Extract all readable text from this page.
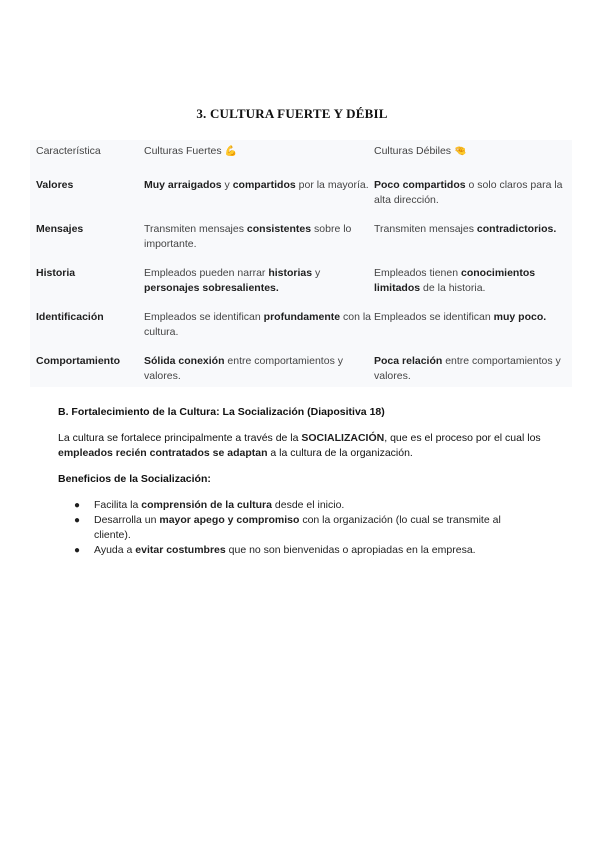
3. CULTURA FUERTE Y DÉBIL
Característica	Culturas Fuertes 💪	Culturas Débiles 🤏
Valores	Muy arraigados y compartidos por la mayoría.	Poco compartidos o solo claros para la alta dirección.
Mensajes	Transmiten mensajes consistentes sobre lo importante.	Transmiten mensajes contradictorios.
Historia	Empleados pueden narrar historias y personajes sobresalientes.	Empleados tienen conocimientos limitados de la historia.
Identificación	Empleados se identifican profundamente con la cultura.	Empleados se identifican muy poco.
Comportamiento	Sólida conexión entre comportamientos y valores.	Poca relación entre comportamientos y valores.
B. Fortalecimiento de la Cultura: La Socialización (Diapositiva 18)
La cultura se fortalece principalmente a través de la SOCIALIZACIÓN, que es el proceso por el cual los empleados recién contratados se adaptan a la cultura de la organización.
Beneficios de la Socialización:
● Facilita la comprensión de la cultura desde el inicio.
● Desarrolla un mayor apego y compromiso con la organización (lo cual se transmite al cliente).
● Ayuda a evitar costumbres que no son bienvenidas o apropiadas en la empresa.
